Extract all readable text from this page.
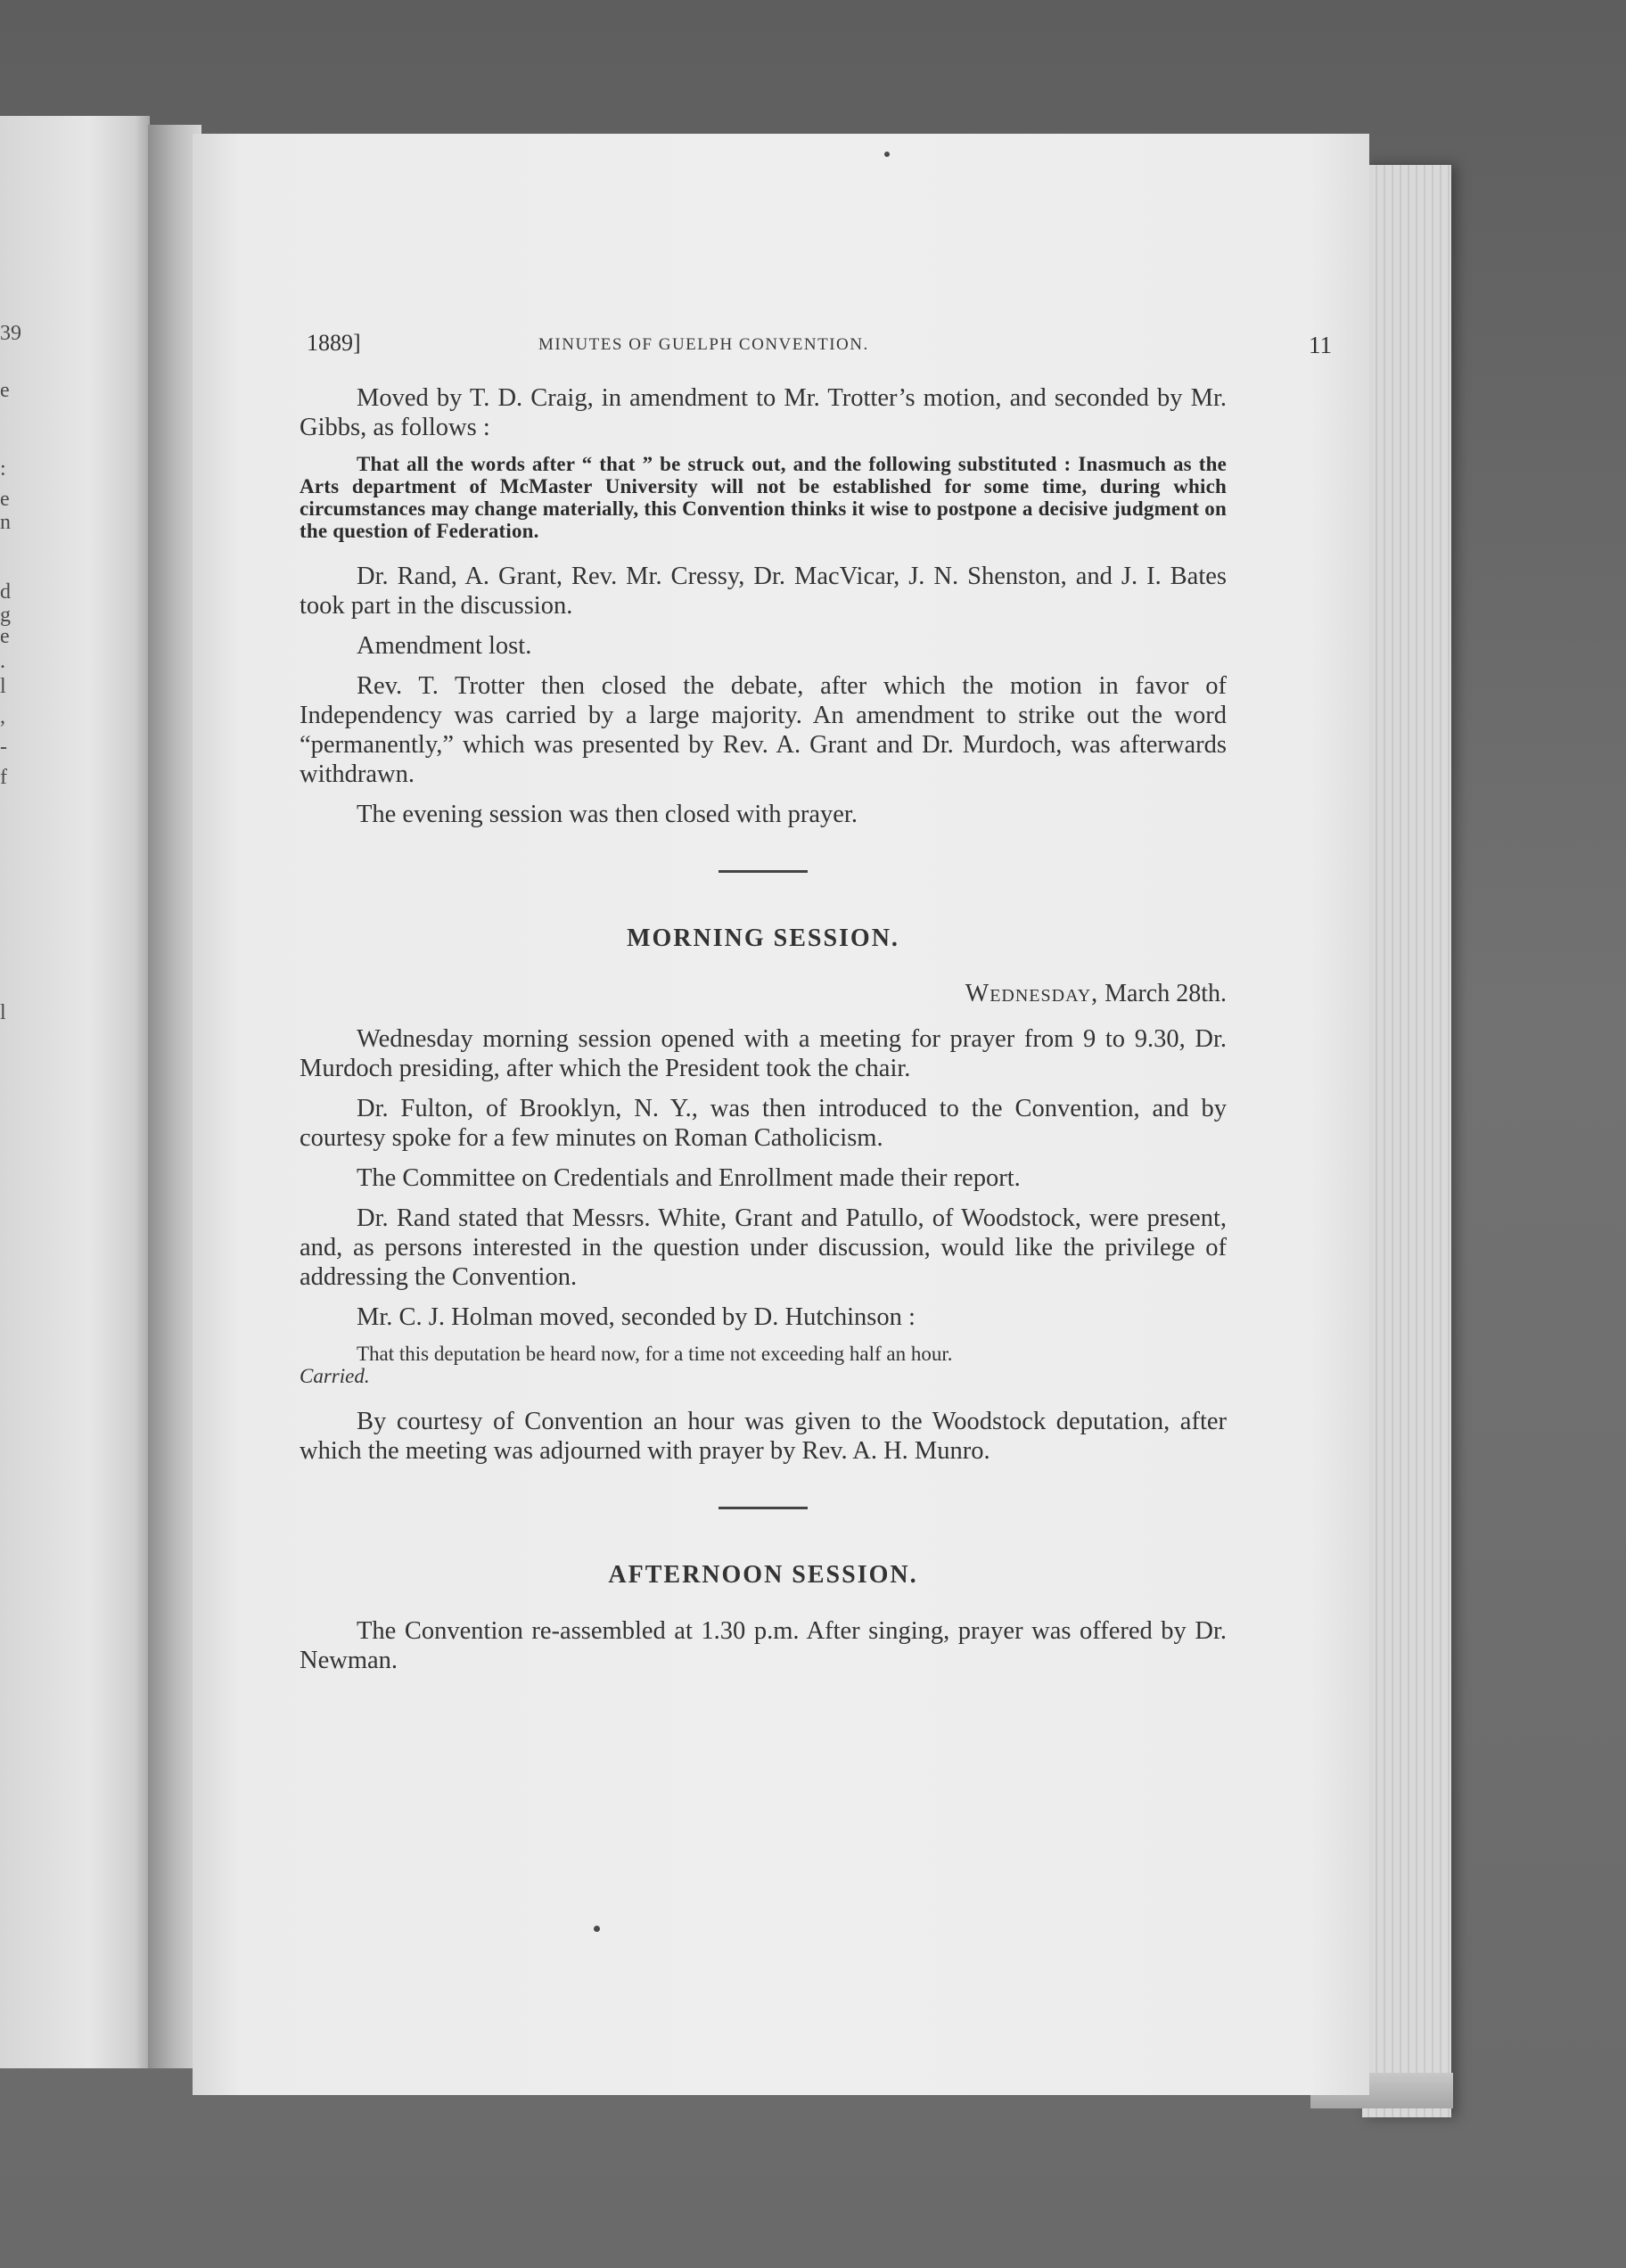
39
e
:
e
n
d
g
e
.
l
,
-
f
l
1889]	MINUTES OF GUELPH CONVENTION.	11

Moved by T. D. Craig, in amendment to Mr. Trotter’s motion, and seconded by Mr. Gibbs, as follows :

That all the words after “ that ” be struck out, and the following substituted : Inasmuch as the Arts department of McMaster University will not be established for some time, during which circumstances may change materially, this Convention thinks it wise to postpone a decisive judgment on the question of Federation.

Dr. Rand, A. Grant, Rev. Mr. Cressy, Dr. MacVicar, J. N. Shenston, and J. I. Bates took part in the discussion.

Amendment lost.

Rev. T. Trotter then closed the debate, after which the motion in favor of Independency was carried by a large majority. An amendment to strike out the word “permanently,” which was presented by Rev. A. Grant and Dr. Murdoch, was afterwards withdrawn.

The evening session was then closed with prayer.

MORNING SESSION.
Wednesday, March 28th.

Wednesday morning session opened with a meeting for prayer from 9 to 9.30, Dr. Murdoch presiding, after which the President took the chair.

Dr. Fulton, of Brooklyn, N. Y., was then introduced to the Convention, and by courtesy spoke for a few minutes on Roman Catholicism.

The Committee on Credentials and Enrollment made their report.

Dr. Rand stated that Messrs. White, Grant and Patullo, of Woodstock, were present, and, as persons interested in the question under discussion, would like the privilege of addressing the Convention.

Mr. C. J. Holman moved, seconded by D. Hutchinson :

That this deputation be heard now, for a time not exceeding half an hour.
Carried.

By courtesy of Convention an hour was given to the Woodstock deputation, after which the meeting was adjourned with prayer by Rev. A. H. Munro.

AFTERNOON SESSION.

The Convention re-assembled at 1.30 p.m. After singing, prayer was offered by Dr. Newman.
